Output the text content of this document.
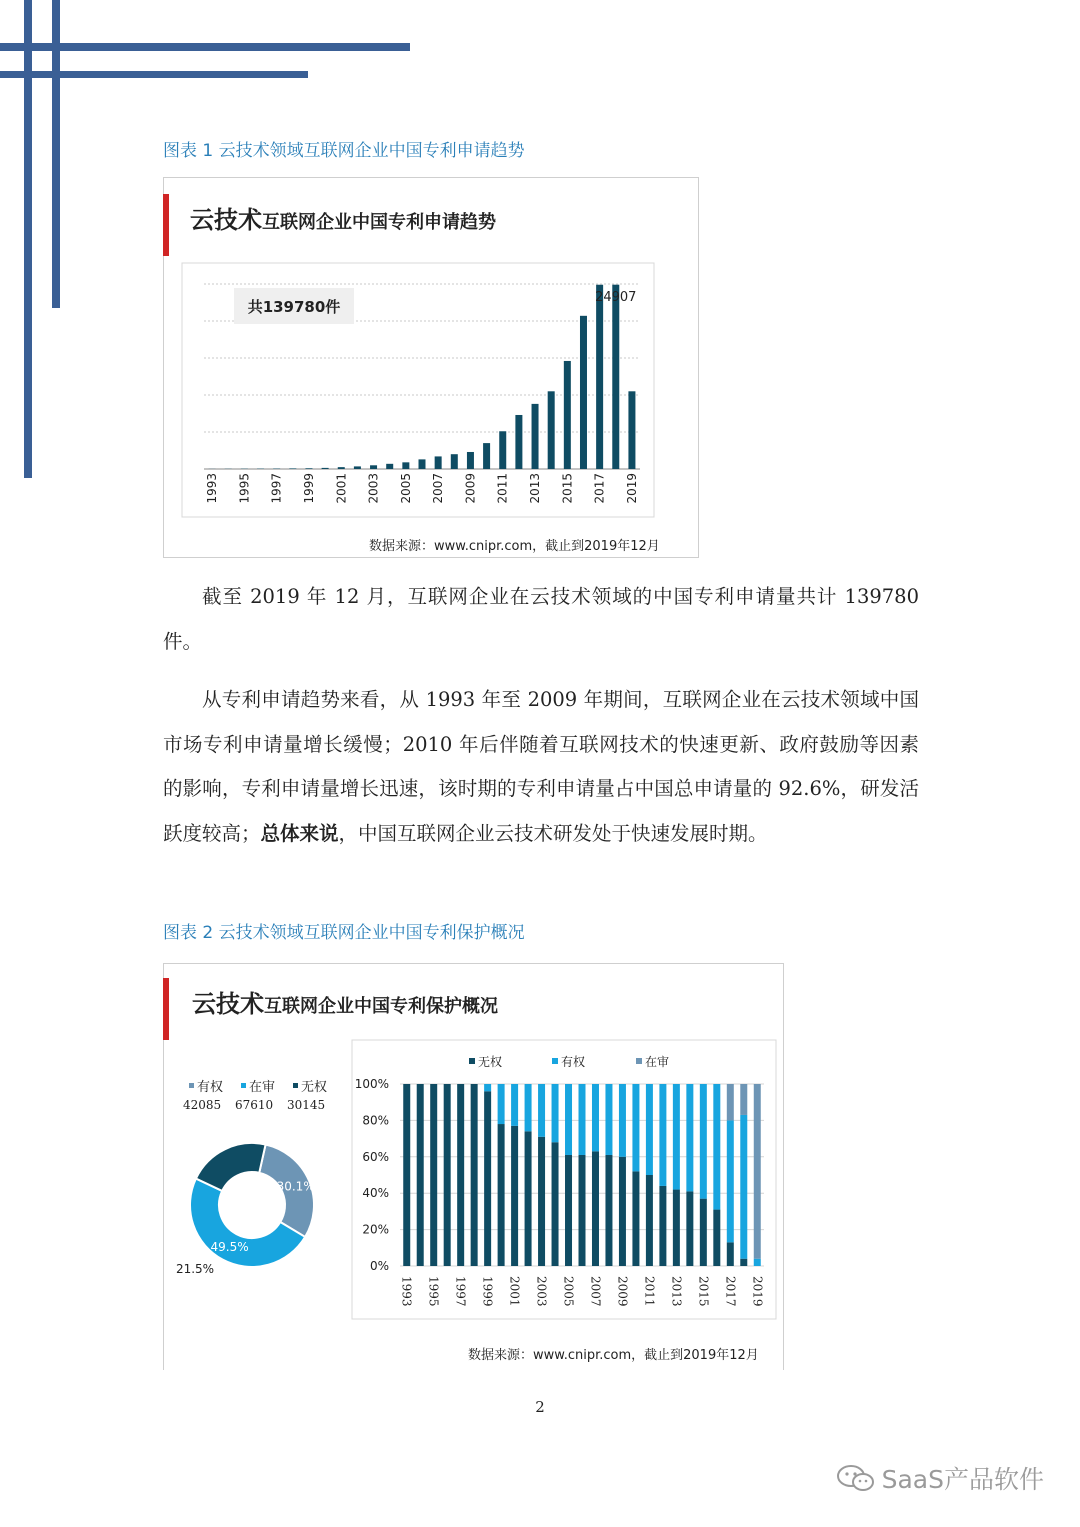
图表 1 云技术领域互联网企业中国专利申请趋势
云技术 互联网企业中国专利申请趋势
1993 1995 1997 1999 2001 2003 2005 2007 2009 2011 2013 2015 2017 2019
24907
共139780件
数据来源：www.cnipr.com，截止到2019年12月
截至 2019 年 12 月，互联网企业在云技术领域的中国专利申请量共计 139780 件。
从专利申请趋势来看，从 1993 年至 2009 年期间，互联网企业在云技术领域中国市场专利申请量增长缓慢；2010 年后伴随着互联网技术的快速更新、政府鼓励等因素的影响，专利申请量增长迅速，该时期的专利申请量占中国总申请量的 92.6%，研发活跃度较高；总体来说，中国互联网企业云技术研发处于快速发展时期。
图表 2 云技术领域互联网企业中国专利保护概况
云技术 互联网企业中国专利保护概况
有权
42085
在审
67610
无权
30145
30.1%
49.5%
21.5%
无权	有权	在审
100%
80%
60%
40%
20%
0%
1993 1995 1997 1999 2001 2003 2005 2007 2009 2011 2013 2015 2017 2019
数据来源：www.cnipr.com，截止到2019年12月
2
SaaS产品软件
